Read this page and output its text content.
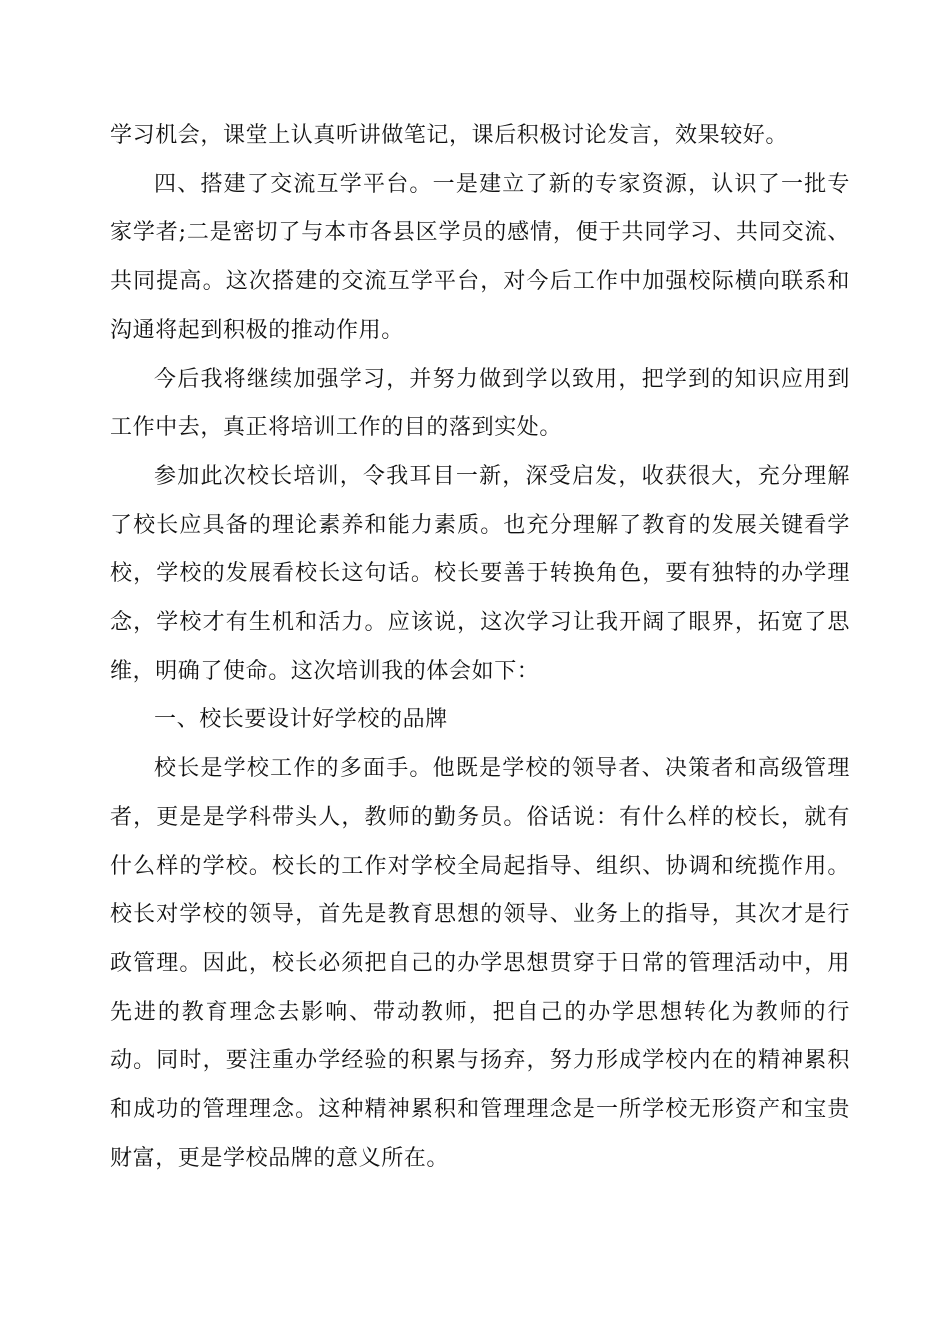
学习机会，课堂上认真听讲做笔记，课后积极讨论发言，效果较好。

四、搭建了交流互学平台。一是建立了新的专家资源，认识了一批专家学者;二是密切了与本市各县区学员的感情，便于共同学习、共同交流、共同提高。这次搭建的交流互学平台，对今后工作中加强校际横向联系和沟通将起到积极的推动作用。

今后我将继续加强学习，并努力做到学以致用，把学到的知识应用到工作中去，真正将培训工作的目的落到实处。

参加此次校长培训，令我耳目一新，深受启发，收获很大，充分理解了校长应具备的理论素养和能力素质。也充分理解了教育的发展关键看学校，学校的发展看校长这句话。校长要善于转换角色，要有独特的办学理念，学校才有生机和活力。应该说，这次学习让我开阔了眼界，拓宽了思维，明确了使命。这次培训我的体会如下：

一、校长要设计好学校的品牌

校长是学校工作的多面手。他既是学校的领导者、决策者和高级管理者，更是是学科带头人，教师的勤务员。俗话说：有什么样的校长，就有什么样的学校。校长的工作对学校全局起指导、组织、协调和统揽作用。校长对学校的领导，首先是教育思想的领导、业务上的指导，其次才是行政管理。因此，校长必须把自己的办学思想贯穿于日常的管理活动中，用先进的教育理念去影响、带动教师，把自己的办学思想转化为教师的行动。同时，要注重办学经验的积累与扬弃，努力形成学校内在的精神累积和成功的管理理念。这种精神累积和管理理念是一所学校无形资产和宝贵财富，更是学校品牌的意义所在。
